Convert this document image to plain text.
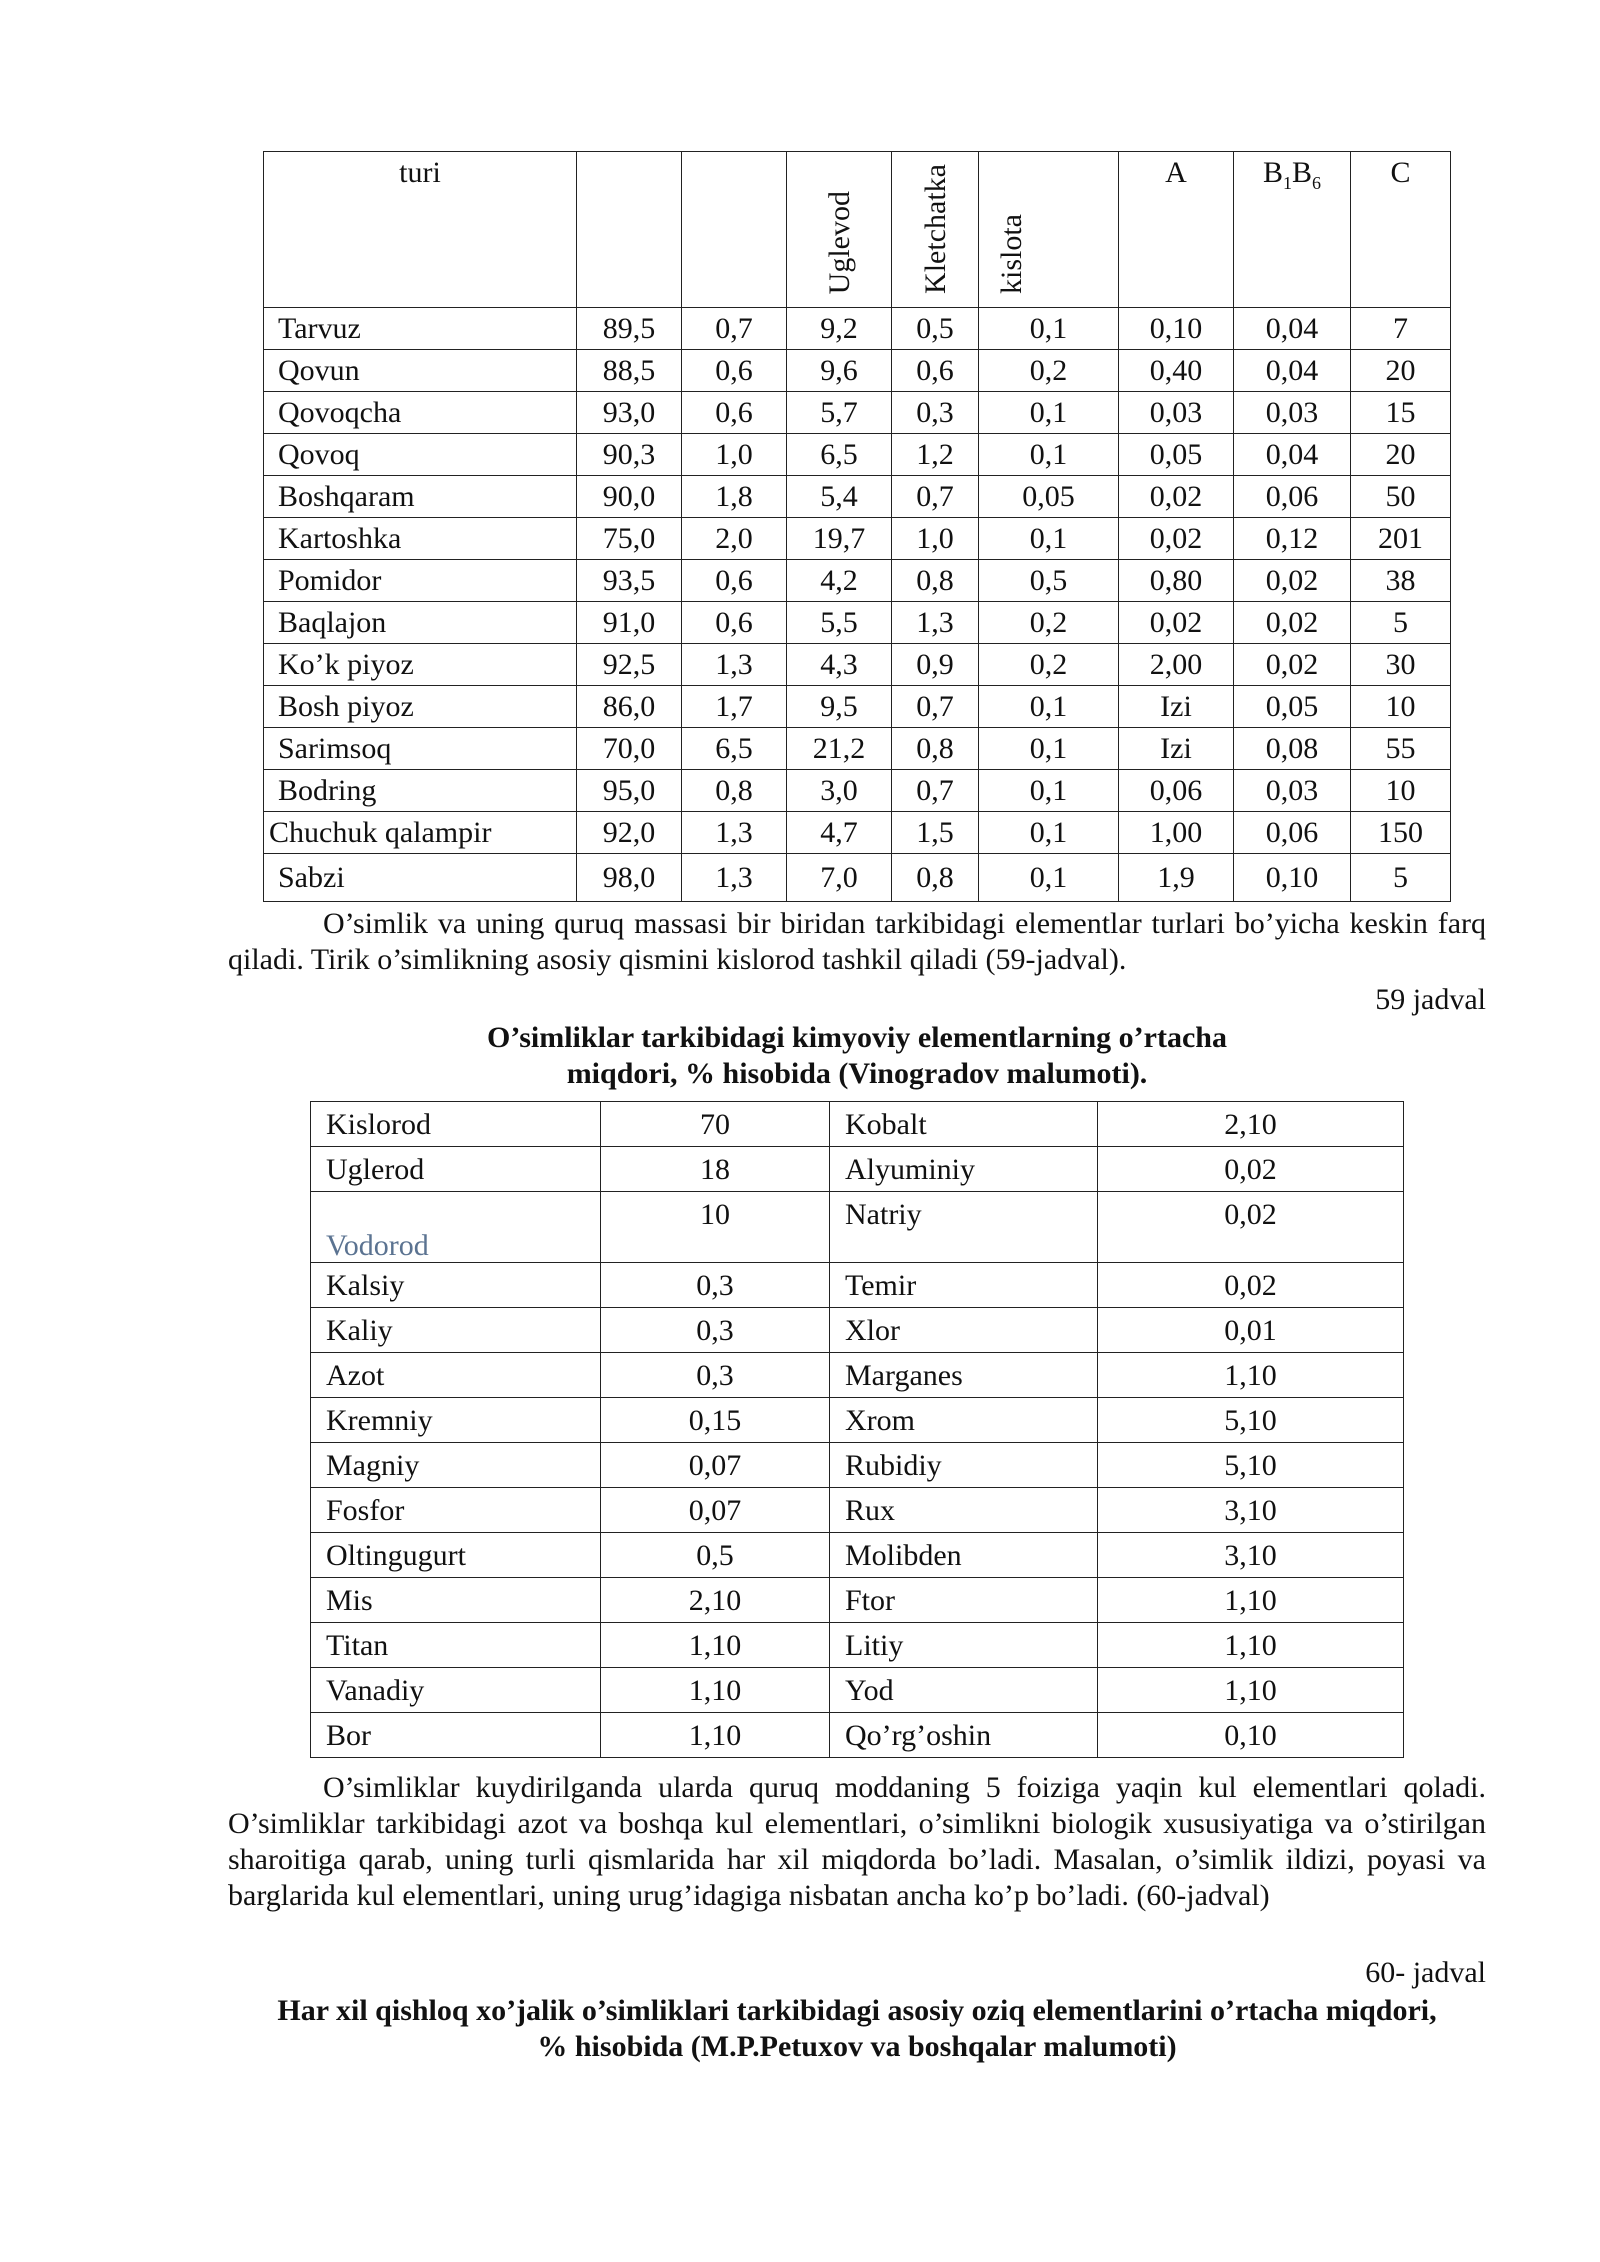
turi			Uglevod	Kletchatka	kislota	A	$B_1B_6$	C
Tarvuz	89,5	0,7	9,2	0,5	0,1	0,10	0,04	7
Qovun	88,5	0,6	9,6	0,6	0,2	0,40	0,04	20
Qovoqcha	93,0	0,6	5,7	0,3	0,1	0,03	0,03	15
Qovoq	90,3	1,0	6,5	1,2	0,1	0,05	0,04	20
Boshqaram	90,0	1,8	5,4	0,7	0,05	0,02	0,06	50
Kartoshka	75,0	2,0	19,7	1,0	0,1	0,02	0,12	201
Pomidor	93,5	0,6	4,2	0,8	0,5	0,80	0,02	38
Baqlajon	91,0	0,6	5,5	1,3	0,2	0,02	0,02	5
Ko’k piyoz	92,5	1,3	4,3	0,9	0,2	2,00	0,02	30
Bosh piyoz	86,0	1,7	9,5	0,7	0,1	Izi	0,05	10
Sarimsoq	70,0	6,5	21,2	0,8	0,1	Izi	0,08	55
Bodring	95,0	0,8	3,0	0,7	0,1	0,06	0,03	10
Chuchuk qalampir	92,0	1,3	4,7	1,5	0,1	1,00	0,06	150
Sabzi	98,0	1,3	7,0	0,8	0,1	1,9	0,10	5

O’simlik va uning quruq massasi bir biridan tarkibidagi elementlar turlari bo’yicha keskin farq qiladi. Tirik o’simlikning asosiy qismini kislorod tashkil qiladi (59-jadval).

59 jadval

O’simliklar tarkibidagi kimyoviy elementlarning o’rtacha

miqdori, % hisobida (Vinogradov malumoti).

Kislorod	70	Kobalt	2,10
Uglerod	18	Alyuminiy	0,02
Vodorod	10	Natriy	0,02
Kalsiy	0,3	Temir	0,02
Kaliy	0,3	Xlor	0,01
Azot	0,3	Marganes	1,10
Kremniy	0,15	Xrom	5,10
Magniy	0,07	Rubidiy	5,10
Fosfor	0,07	Rux	3,10
Oltingugurt	0,5	Molibden	3,10
Mis	2,10	Ftor	1,10
Titan	1,10	Litiy	1,10
Vanadiy	1,10	Yod	1,10
Bor	1,10	Qo’rg’oshin	0,10

O’simliklar kuydirilganda ularda quruq moddaning 5 foiziga yaqin kul elementlari qoladi. O’simliklar tarkibidagi azot va boshqa kul elementlari, o’simlikni biologik xususiyatiga va o’stirilgan sharoitiga qarab, uning turli qismlarida har xil miqdorda bo’ladi. Masalan, o’simlik ildizi, poyasi va barglarida kul elementlari, uning urug’idagiga nisbatan ancha ko’p bo’ladi. (60-jadval)

60- jadval

Har xil qishloq xo’jalik o’simliklari tarkibidagi asosiy oziq elementlarini o’rtacha miqdori,

% hisobida (M.P.Petuxov va boshqalar malumoti)
